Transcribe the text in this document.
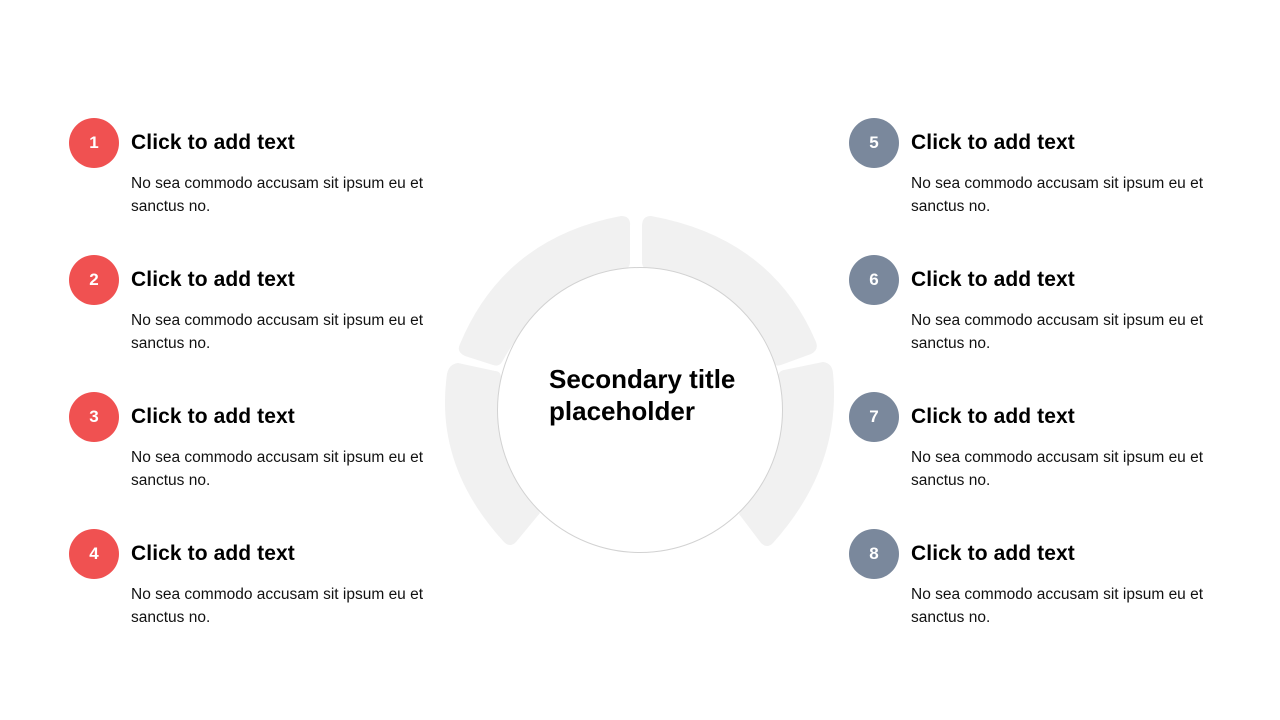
1	Click to add text
No sea commodo accusam sit ipsum eu et sanctus no.
2	Click to add text
No sea commodo accusam sit ipsum eu et sanctus no.
3	Click to add text
No sea commodo accusam sit ipsum eu et sanctus no.
4	Click to add text
No sea commodo accusam sit ipsum eu et sanctus no.
5	Click to add text
No sea commodo accusam sit ipsum eu et sanctus no.
6	Click to add text
No sea commodo accusam sit ipsum eu et sanctus no.
7	Click to add text
No sea commodo accusam sit ipsum eu et sanctus no.
8	Click to add text
No sea commodo accusam sit ipsum eu et sanctus no.
Secondary title placeholder
